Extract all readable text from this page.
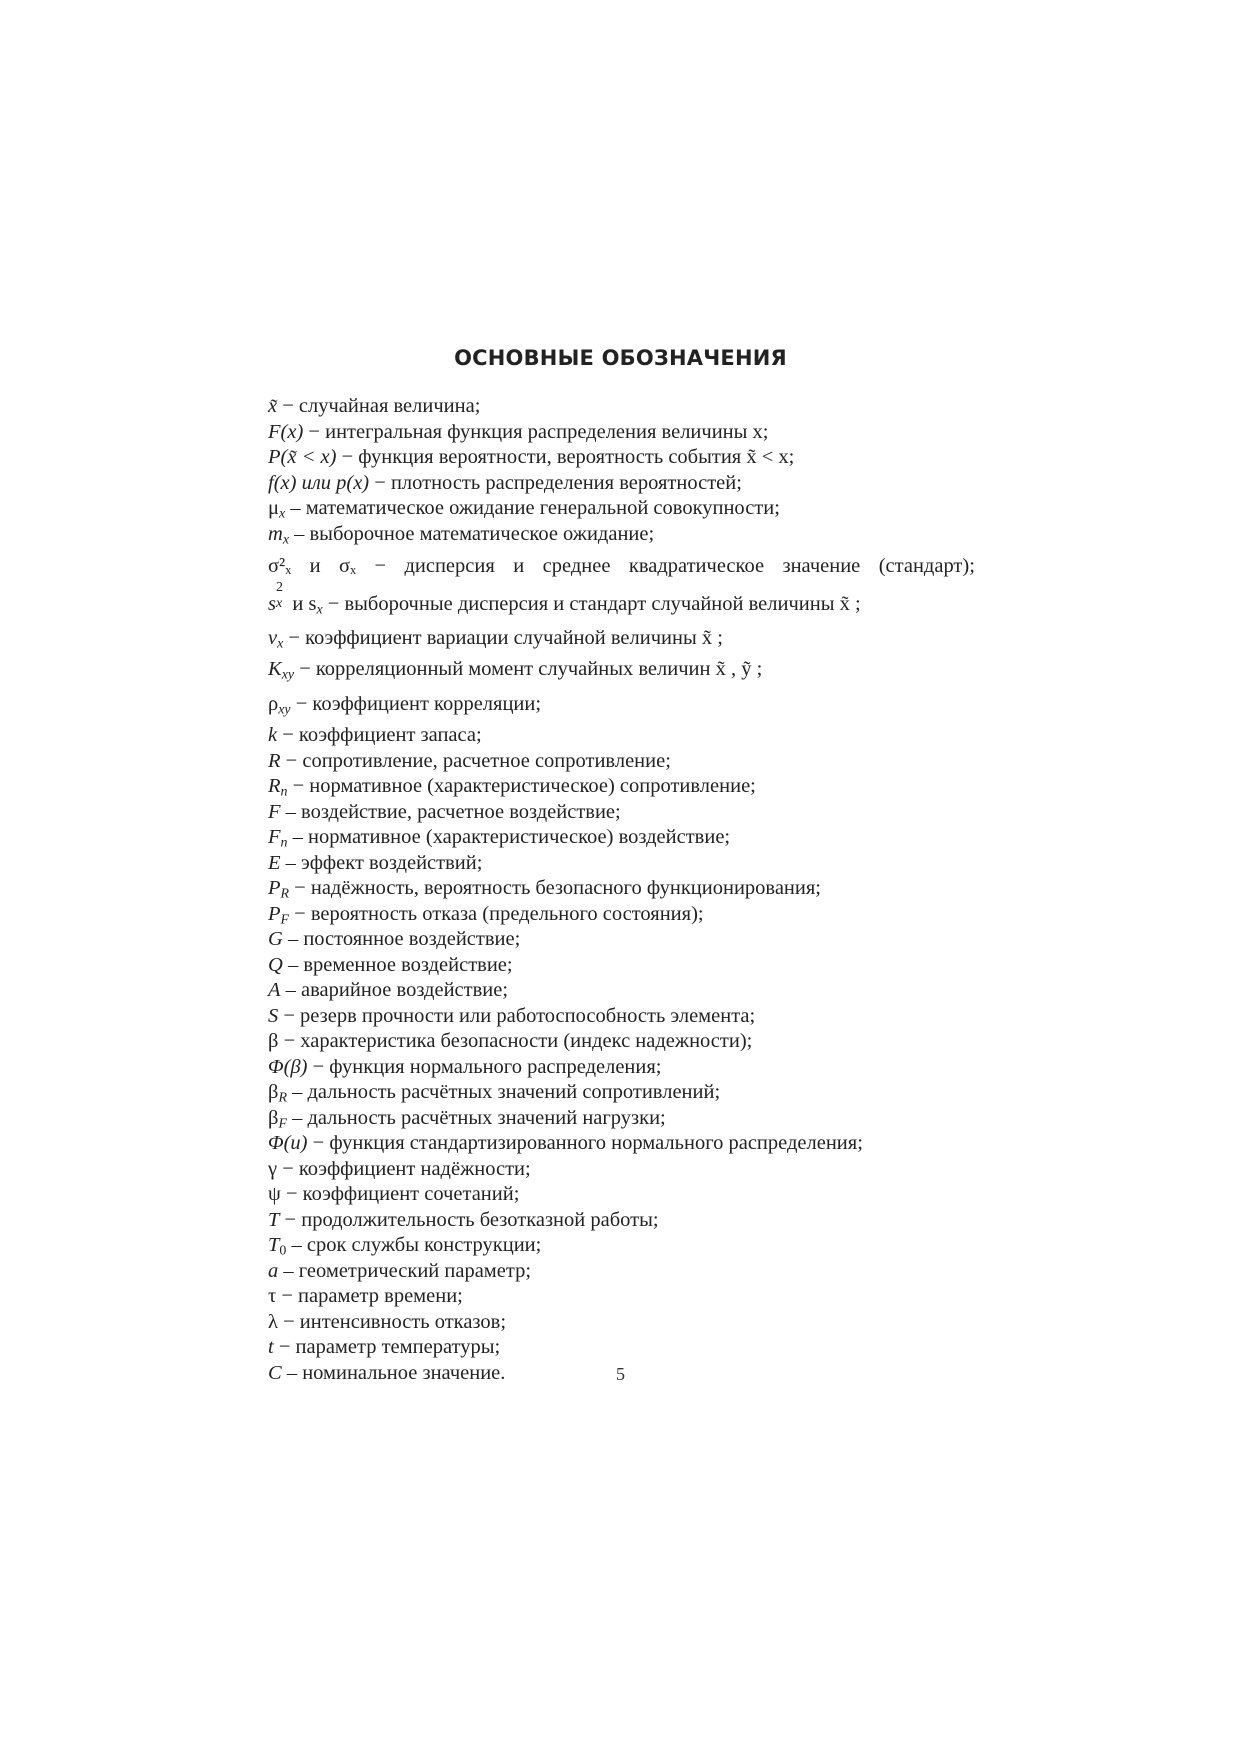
ОСНОВНЫЕ ОБОЗНАЧЕНИЯ
x̃ − случайная величина;
F(x) − интегральная функция распределения величины x;
P(x̃ < x) − функция вероятности, вероятность события x̃ < x;
f(x) или p(x) − плотность распределения вероятностей;
$\mu_x$ – математическое ожидание генеральной совокупности;
$m_x$ – выборочное математическое ожидание;
σ²ₓ и σₓ − дисперсия и среднее квадратическое значение (стандарт);
s
2
x и $s_x$ − выборочные дисперсия и стандарт случайной величины x̃ ;
$v_x$ − коэффициент вариации случайной величины x̃ ;
$K_{xy}$ − корреляционный момент случайных величин x̃ , ỹ ;
$\rho_{xy}$ − коэффициент корреляции;
k − коэффициент запаса;
R − сопротивление, расчетное сопротивление;
$R_n$ − нормативное (характеристическое) сопротивление;
F – воздействие, расчетное воздействие;
$F_n$ – нормативное (характеристическое) воздействие;
E – эффект воздействий;
$P_R$ − надёжность, вероятность безопасного функционирования;
$P_F$ − вероятность отказа (предельного состояния);
G – постоянное воздействие;
Q – временное воздействие;
A – аварийное воздействие;
S − резерв прочности или работоспособность элемента;
β − характеристика безопасности (индекс надежности);
Φ(β) − функция нормального распределения;
$\beta_R$ – дальность расчётных значений сопротивлений;
$\beta_F$ – дальность расчётных значений нагрузки;
Φ(u) − функция стандартизированного нормального распределения;
γ − коэффициент надёжности;
ψ − коэффициент сочетаний;
T − продолжительность безотказной работы;
$T_0$ – срок службы конструкции;
a – геометрический параметр;
τ − параметр времени;
λ − интенсивность отказов;
t − параметр температуры;
C – номинальное значение.	5
